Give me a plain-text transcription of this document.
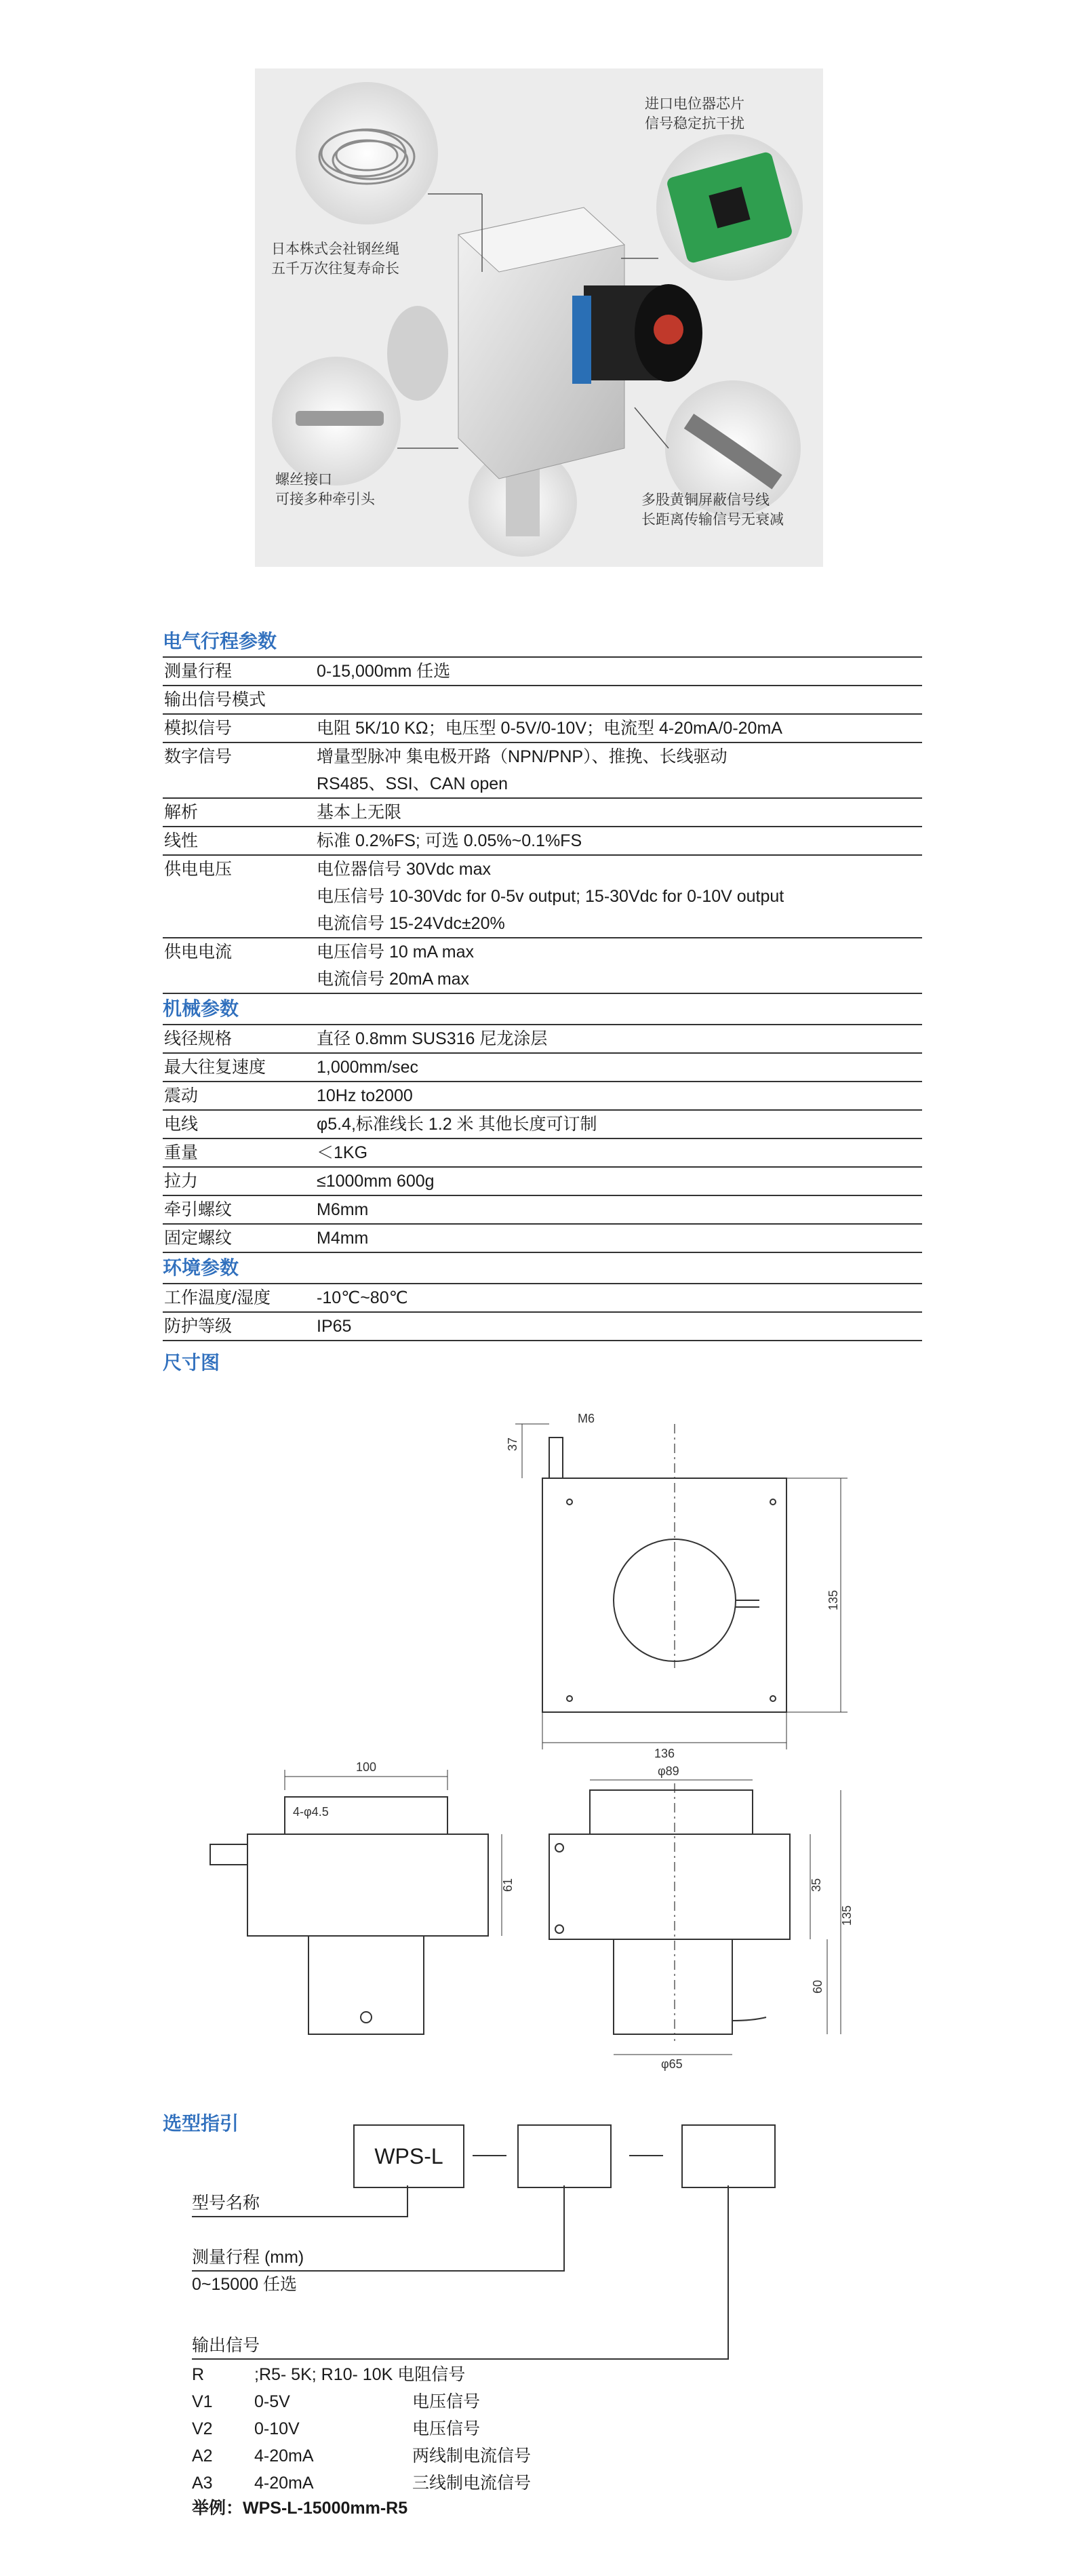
进口电位器芯片
信号稳定抗干扰
日本株式会社钢丝绳
五千万次往复寿命长
螺丝接口
可接多种牵引头	多股黄铜屏蔽信号线
长距离传输信号无衰减
电气行程参数
测量行程	0-15,000mm 任选
输出信号模式

模拟信号	电阻 5K/10 KΩ；电压型 0-5V/0-10V；电流型 4-20mA/0-20mA
数字信号	增量型脉冲 集电极开路（NPN/PNP）、推挽、长线驱动
RS485、SSI、CAN open
解析	基本上无限
线性	标准 0.2%FS; 可选 0.05%~0.1%FS
供电电压	电位器信号 30Vdc max
电压信号 10-30Vdc for 0-5v output; 15-30Vdc for 0-10V output
电流信号 15-24Vdc±20%
供电电流	电压信号 10 mA max
电流信号 20mA max
机械参数
线径规格	直径 0.8mm SUS316 尼龙涂层
最大往复速度	1,000mm/sec
震动	10Hz to2000
电线	φ5.4,标准线长 1.2 米 其他长度可订制
重量	＜1KG
拉力	≤1000mm 600g
牵引螺纹	M6mm
固定螺纹	M4mm
环境参数
工作温度/湿度	-10℃~80℃
防护等级	IP65
尺寸图
M6
37
136
135
100
4-φ4.5
61
φ89
35
135
60
φ65
选型指引
WPS-L
型号名称
测量行程 (mm)
0~15000 任选
输出信号
R	;R5- 5K; R10- 10K 电阻信号
V1 0-5V	电压信号
V2 0-10V	电压信号
A2 4-20mA	两线制电流信号
A3 4-20mA	三线制电流信号
举例：WPS-L-15000mm-R5
